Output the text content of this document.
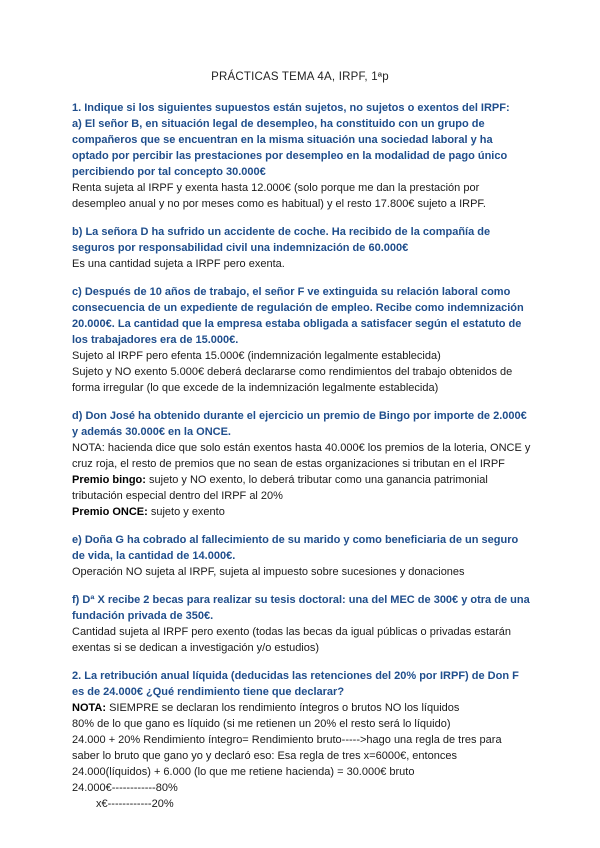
PRÁCTICAS TEMA 4A, IRPF, 1ªp
1. Indique si los siguientes supuestos están sujetos, no sujetos o exentos del IRPF:
a) El señor B, en situación legal de desempleo, ha constituido con un grupo de compañeros que se encuentran en la misma situación una sociedad laboral y ha optado por percibir las prestaciones por desempleo en la modalidad de pago único percibiendo por tal concepto 30.000€
Renta sujeta al IRPF y exenta hasta 12.000€ (solo porque me dan la prestación por desempleo anual y no por meses como es habitual) y el resto 17.800€ sujeto a IRPF.
b) La señora D ha sufrido un accidente de coche. Ha recibido de la compañía de seguros por responsabilidad civil una indemnización de 60.000€
Es una cantidad sujeta a IRPF pero exenta.
c) Después de 10 años de trabajo, el señor F ve extinguida su relación laboral como consecuencia de un expediente de regulación de empleo. Recibe como indemnización 20.000€. La cantidad que la empresa estaba obligada a satisfacer según el estatuto de los trabajadores era de 15.000€.
Sujeto al IRPF pero efenta 15.000€ (indemnización legalmente establecida)
Sujeto y NO exento 5.000€ deberá declararse como rendimientos del trabajo obtenidos de forma irregular (lo que excede de la indemnización legalmente establecida)
d) Don José ha obtenido durante el ejercicio un premio de Bingo por importe de 2.000€ y además 30.000€ en la ONCE.
NOTA: hacienda dice que solo están exentos hasta 40.000€ los premios de la loteria, ONCE y cruz roja, el resto de premios que no sean de estas organizaciones si tributan en el IRPF
Premio bingo: sujeto y NO exento, lo deberá tributar como una ganancia patrimonial tributación especial dentro del IRPF al 20%
Premio ONCE: sujeto y exento
e) Doña G ha cobrado al fallecimiento de su marido y como beneficiaria de un seguro de vida, la cantidad de 14.000€.
Operación NO sujeta al IRPF, sujeta al impuesto sobre sucesiones y donaciones
f) Dª X recibe 2 becas para realizar su tesis doctoral: una del MEC de 300€ y otra de una fundación privada de 350€.
Cantidad sujeta al IRPF pero exento (todas las becas da igual públicas o privadas estarán exentas si se dedican a investigación y/o estudios)
2. La retribución anual líquida (deducidas las retenciones del 20% por IRPF) de Don F es de 24.000€ ¿Qué rendimiento tiene que declarar?
NOTA: SIEMPRE se declaran los rendimiento íntegros o brutos NO los líquidos
80% de lo que gano es líquido (si me retienen un 20% el resto será lo líquido)
24.000 + 20% Rendimiento íntegro= Rendimiento bruto----->hago una regla de tres para saber lo bruto que gano yo y declaró eso: Esa regla de tres x=6000€, entonces
24.000(líquidos) + 6.000 (lo que me retiene hacienda) = 30.000€ bruto
24.000€------------80%
x€------------20%
